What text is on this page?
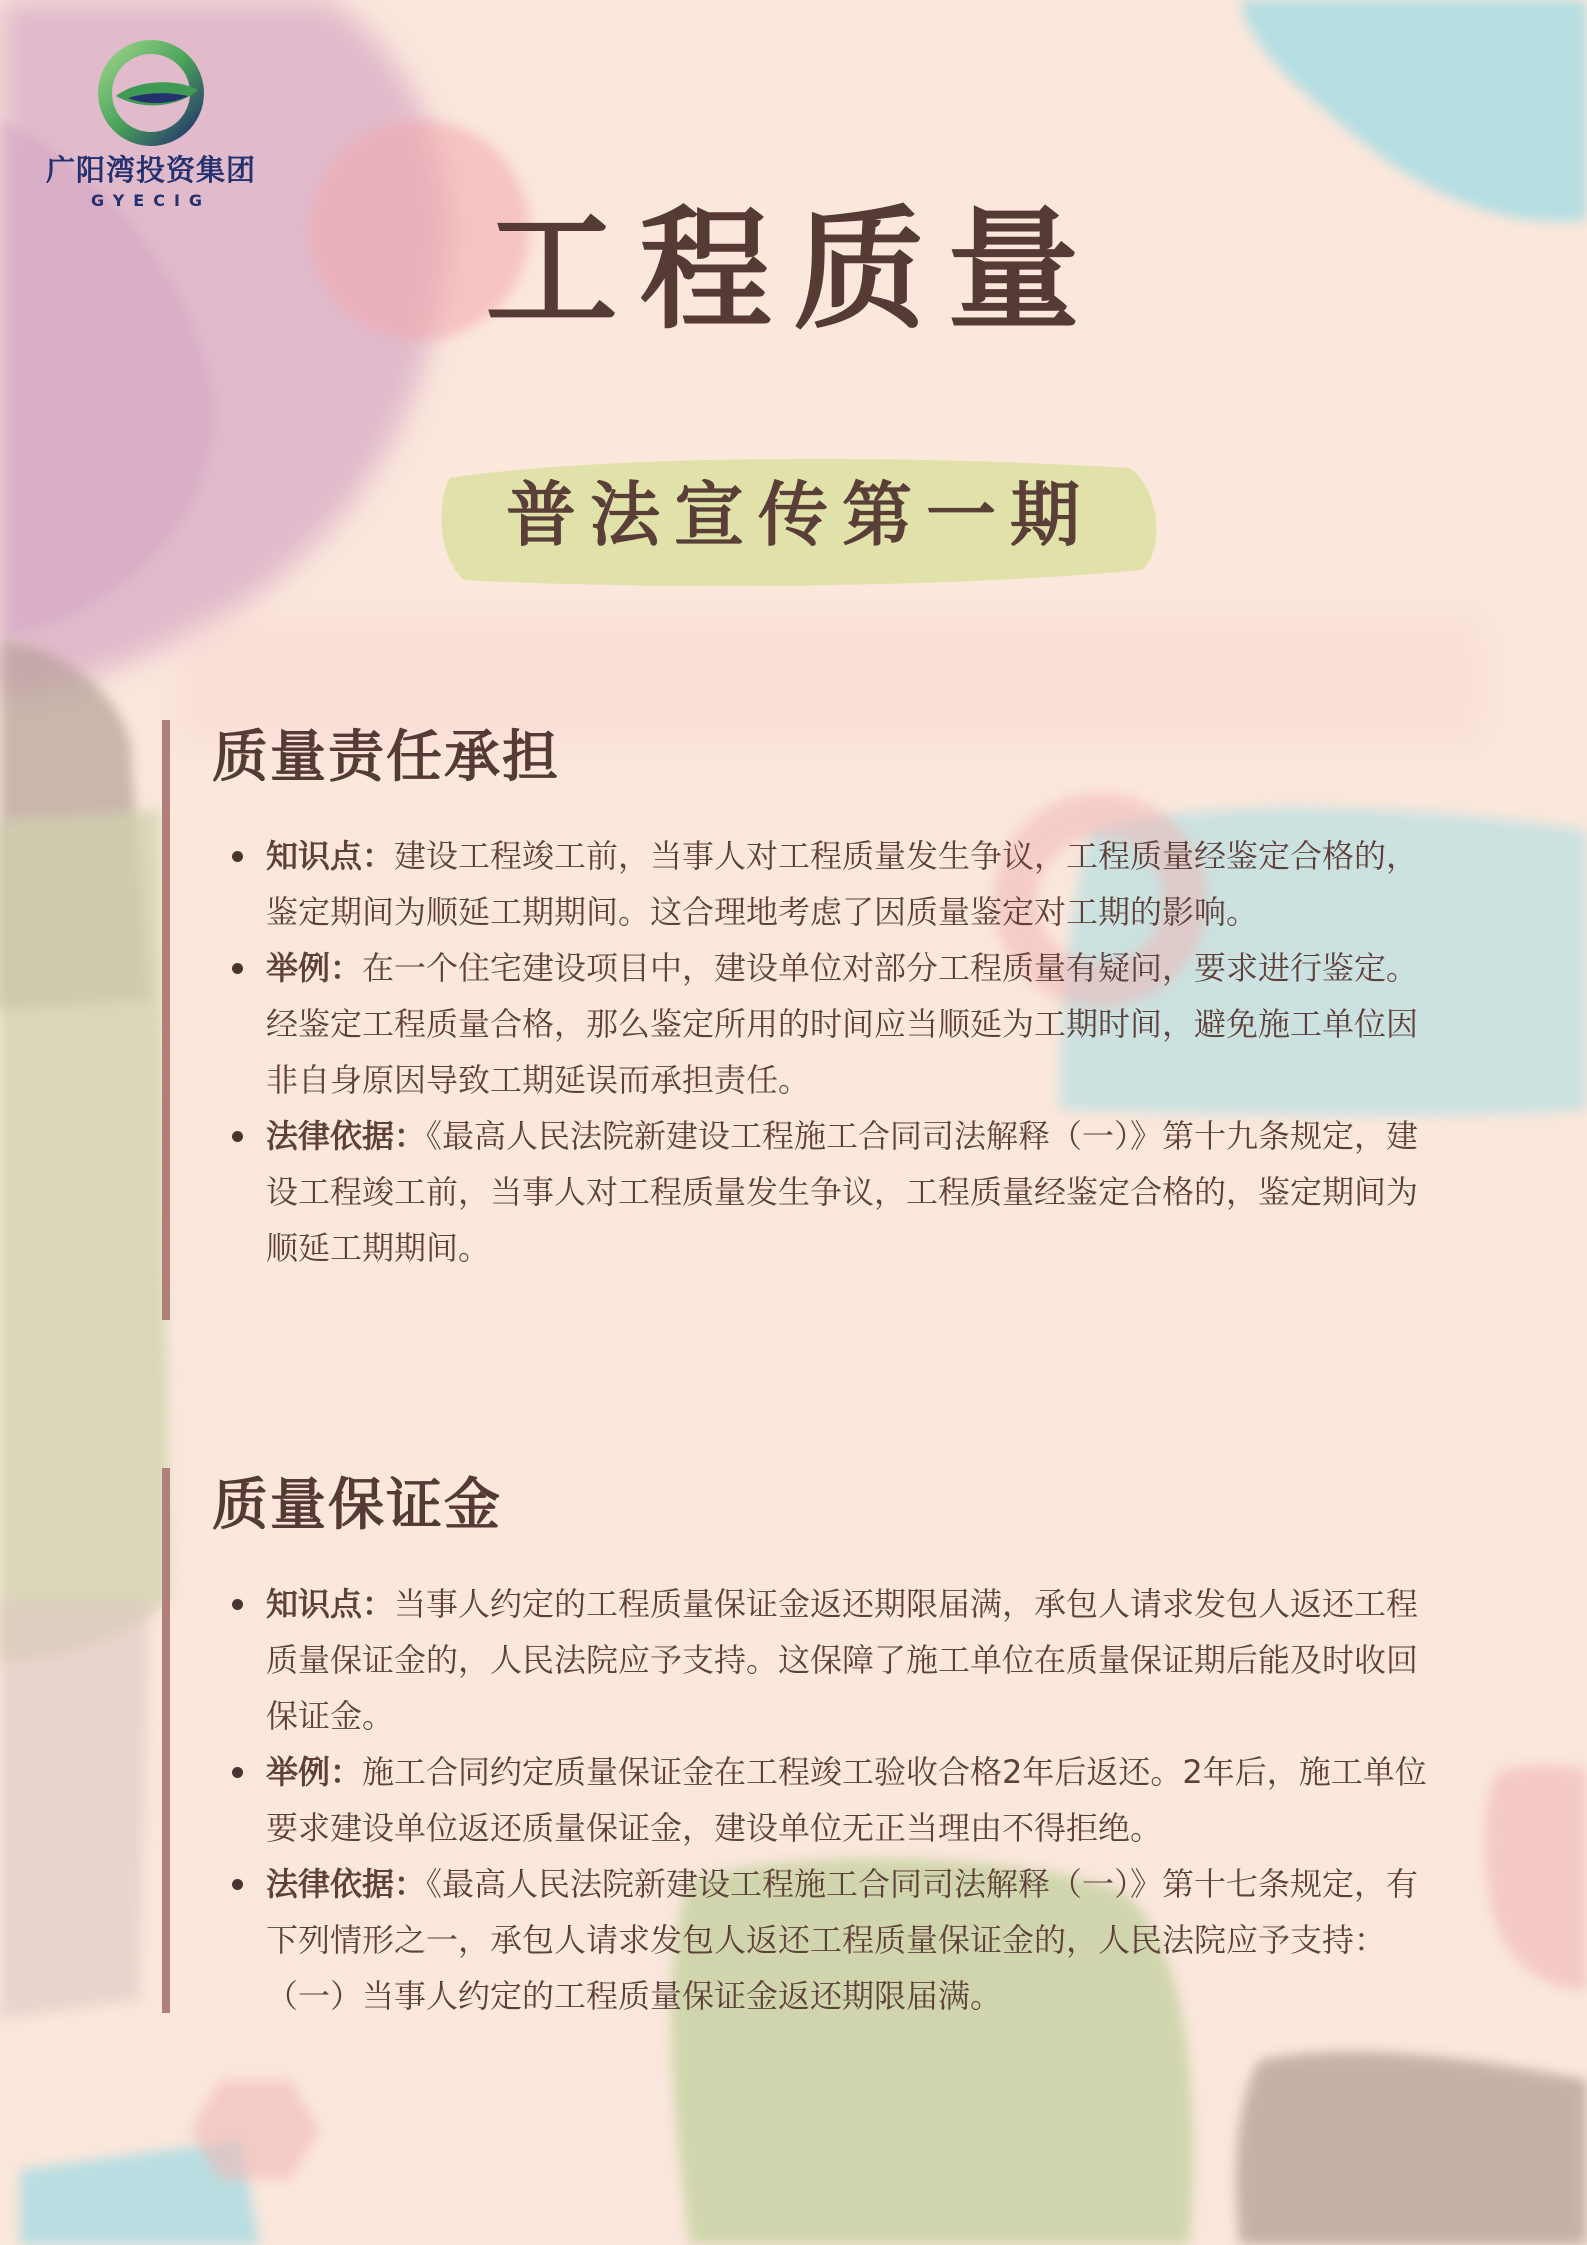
广阳湾投资集团
GYECIG	工程质量
普法宣传第一期
质量责任承担
知识点：建设工程竣工前，当事人对工程质量发生争议，工程质量经鉴定合格的，鉴定期间为顺延工期期间。这合理地考虑了因质量鉴定对工期的影响。
举例：在一个住宅建设项目中，建设单位对部分工程质量有疑问，要求进行鉴定。经鉴定工程质量合格，那么鉴定所用的时间应当顺延为工期时间，避免施工单位因非自身原因导致工期延误而承担责任。
法律依据：《最高人民法院新建设工程施工合同司法解释（一）》第十九条规定，建设工程竣工前，当事人对工程质量发生争议，工程质量经鉴定合格的，鉴定期间为顺延工期期间。
质量保证金
知识点：当事人约定的工程质量保证金返还期限届满，承包人请求发包人返还工程质量保证金的，人民法院应予支持。这保障了施工单位在质量保证期后能及时收回保证金。
举例：施工合同约定质量保证金在工程竣工验收合格2年后返还。2年后，施工单位要求建设单位返还质量保证金，建设单位无正当理由不得拒绝。
法律依据：《最高人民法院新建设工程施工合同司法解释（一）》第十七条规定，有下列情形之一，承包人请求发包人返还工程质量保证金的，人民法院应予支持：（一）当事人约定的工程质量保证金返还期限届满。
